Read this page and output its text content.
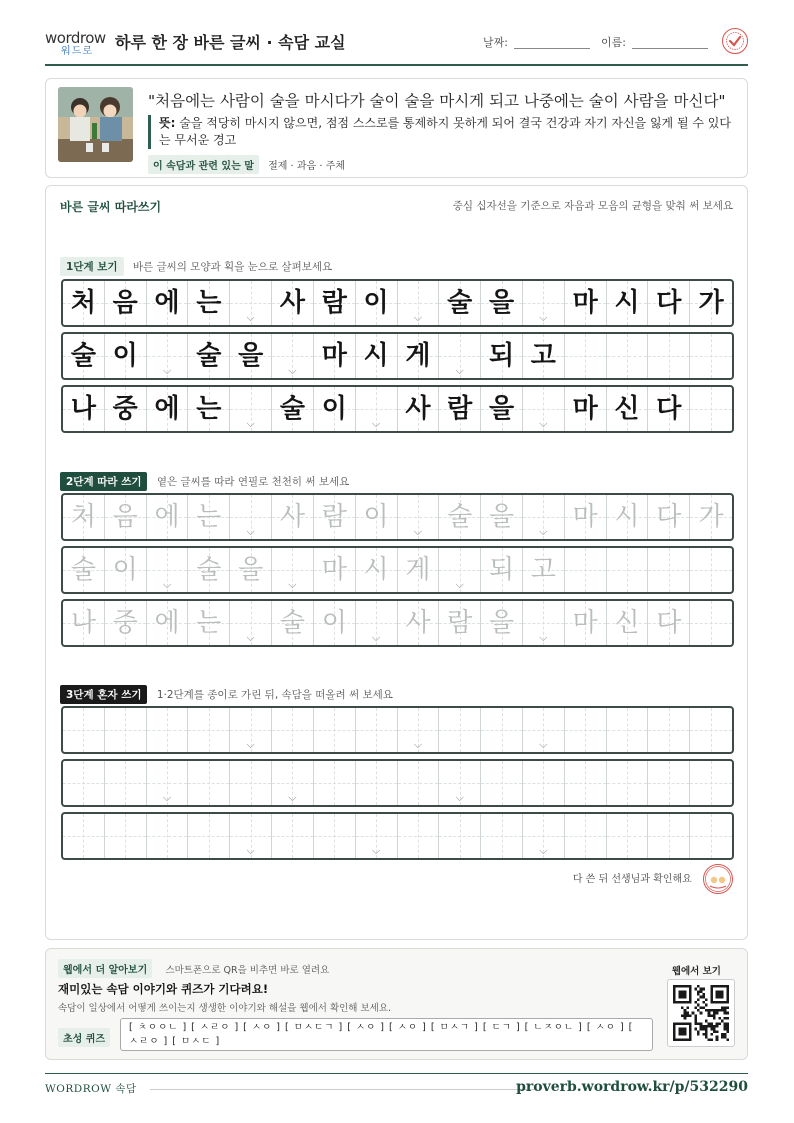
wordrow
워드로 하루 한 장 바른 글씨 · 속담 교실	날짜:	이름:
"처음에는 사람이 술을 마시다가 술이 술을 마시게 되고 나중에는 술이 사람을 마신다"
뜻: 술을 적당히 마시지 않으면, 점점 스스로를 통제하지 못하게 되어 결국 건강과 자기 자신을 잃게 될 수 있다는 무서운 경고
이 속담과 관련 있는 말 절제 · 과음 · 주체
바른 글씨 따라쓰기	중심 십자선을 기준으로 자음과 모음의 균형을 맞춰 써 보세요
1단계 보기 바른 글씨의 모양과 획을 눈으로 살펴보세요
처 음 에 는	⌵ 사 람 이	⌵ 술 을	⌵ 마 시 다 가
술 이	⌵ 술 을	⌵ 마 시 게	⌵ 되 고
나 중 에 는	⌵ 술 이	⌵ 사 람 을	⌵ 마 신 다
2단계 따라 쓰기 옅은 글씨를 따라 연필로 천천히 써 보세요
처 음 에 는	⌵ 사 람 이	⌵ 술 을	⌵ 마 시 다 가
술 이	⌵ 술 을	⌵ 마 시 게	⌵ 되 고
나 중 에 는	⌵ 술 이	⌵ 사 람 을	⌵ 마 신 다
3단계 혼자 쓰기 1·2단계를 종이로 가린 뒤, 속담을 떠올려 써 보세요
⌵	⌵	⌵
⌵	⌵	⌵
⌵	⌵	⌵
다 쓴 뒤 선생님과 확인해요
웹에서 더 알아보기 스마트폰으로 QR을 비추면 바로 열려요
재미있는 속담 이야기와 퀴즈가 기다려요!
속담이 일상에서 어떻게 쓰이는지 생생한 이야기와 해설을 웹에서 확인해 보세요.
초성 퀴즈
[ ㅊㅇㅇㄴ ] [ ㅅㄹㅇ ] [ ㅅㅇ ] [ ㅁㅅㄷㄱ ] [ ㅅㅇ ] [ ㅅㅇ ] [ ㅁㅅㄱ ] [ ㄷㄱ ] [ ㄴㅈㅇㄴ ] [ ㅅㅇ ] [ ㅅㄹㅇ ] [ ㅁㅅㄷ ]
웹에서 보기
WORDROW 속담	proverb.wordrow.kr/p/532290
